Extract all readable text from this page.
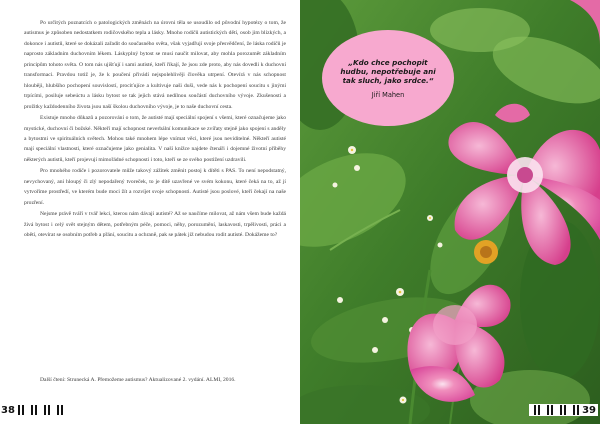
Po určitých poznatcích o patologických změnách na úrovni těla se usoudilo od původní hypotézy o tom, že autismus je způsoben nedostatkem rodičovského tepla a lásky. Mnoho rodičů autistických dětí, osob jim blízkých, a dokonce i autistů, které se dokázali zařadit do současného světa, však vyjadřují svoje přesvědčení, že láska rodičů je naprosto základním duchovním lékem. Láskyplný bytost se musí naučit milovat, aby mohla porozumět základním principům tohoto světa. O tom nás ujišťují i sami autisté, kteří říkají, že jsou zde proto, aby nás dovedli k duchovní transformaci. Pravdou totiž je, že k poučení přivádí nejspolehlivěji člověka utrpení. Otevírá v nás schopnost hlouběji, hlubšího pochopení souvislostí, prociťujíce a kultivuje naši duši, vede nás k pochopení soucitu s jinými trpícími, posiluje sebeúctu a lásku bytost se tak jejich stává nedílnou součástí duchovního vývoje. Zkušenosti a prožitky každodenního života jsou naší školou duchovního vývoje, je to naše duchovní cesta.

Existuje mnoho důkazů a pozorování o tom, že autisté mají speciální spojení s všemi, které označujeme jako mystické, duchovní či božské. Někteří mají schopnost neverbální komunikace se zvířaty stejně jako spojení s anděly a bytostmi ve spirituálních světech. Mohou také mnohem lépe vnímat věci, které jsou neviditelné. Někteří autisté mají speciální vlastnosti, které označujeme jako genialita. V naší knížce najdete čtenáři i dojemné životní příběhy některých autistů, kteří projevují mimořádné schopnosti i toto, kteří se ze svého postižení uzdravili.

Pro mnohého rodiče i pozorovatele může takový zážitek změnit postoj k dítěti s PAS. To není nepodstatný, nevychovaný, ani hloupý či zlý nepodařený tvoreček, to je dítě uzavřené ve svém kokonu, které čeká na to, až jí vytvoříme prostředí, ve kterém bude moci žít a rozvíjet svoje schopnosti. Autisté jsou poslové, kteří čekají na naše prozření.

Nejsme právě tváří v tvář lekci, kterou nám dávají autisté? Až se naučíme milovat, až nám všem bude každá živá bytost i celý svět stejným dětem, potřebným péče, pomoci, něhy, porozumění, laskavosti, trpělivosti, práci a obětí, otevírat se osobním potřeb a přání, soucitu a ochraně, pak se pátek již nebudou rodit autisté. Dokážeme to?

Další čtení: Strunecká A. Přemožeme autismus? Aktualizované 2. vydání. ALMI, 2016.
38
„Kdo chce pochopit hudbu, nepotřebuje ani tak sluch, jako srdce.“
Jiří Mahen
39
